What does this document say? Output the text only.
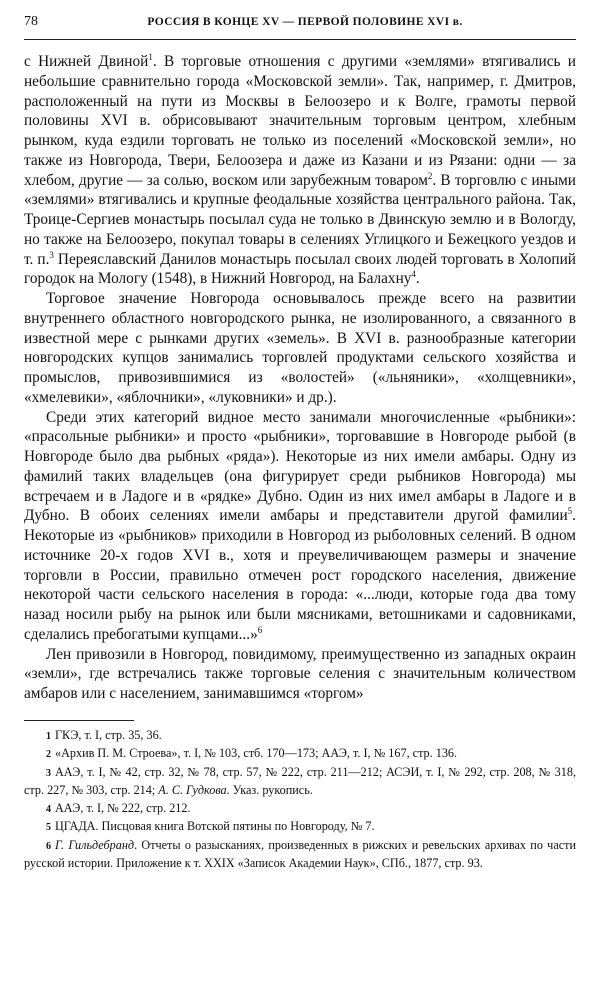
78	РОССИЯ В КОНЦЕ XV — ПЕРВОЙ ПОЛОВИНЕ XVI в.

с Нижней Двиной$^1$. В торговые отношения с другими «землями» втягивались и небольшие сравнительно города «Московской земли». Так, например, г. Дмитров, расположенный на пути из Москвы в Белоозеро и к Волге, грамоты первой половины XVI в. обрисовывают значительным торговым центром, хлебным рынком, куда ездили торговать не только из поселений «Московской земли», но также из Новгорода, Твери, Белоозера и даже из Казани и из Рязани: одни — за хлебом, другие — за солью, воском или зарубежным товаром$^2$. В торговлю с иными «землями» втягивались и крупные феодальные хозяйства центрального района. Так, Троице-Сергиев монастырь посылал суда не только в Двинскую землю и в Вологду, но также на Белоозеро, покупал товары в селениях Углицкого и Бежецкого уездов и т. п.$^3$ Переяславский Данилов монастырь посылал своих людей торговать в Холопий городок на Мологу (1548), в Нижний Новгород, на Балахну$^4$.

Торговое значение Новгорода основывалось прежде всего на развитии внутреннего областного новгородского рынка, не изолированного, а связанного в известной мере с рынками других «земель». В XVI в. разнообразные категории новгородских купцов занимались торговлей продуктами сельского хозяйства и промыслов, привозившимися из «волостей» («льняники», «холщевники», «хмелевики», «яблочники», «луковники» и др.).

Среди этих категорий видное место занимали многочисленные «рыбники»: «прасольные рыбники» и просто «рыбники», торговавшие в Новгороде рыбой (в Новгороде было два рыбных «ряда»). Некоторые из них имели амбары. Одну из фамилий таких владельцев (она фигурирует среди рыбников Новгорода) мы встречаем и в Ладоге и в «рядке» Дубно. Один из них имел амбары в Ладоге и в Дубно. В обоих селениях имели амбары и представители другой фамилии$^5$. Некоторые из «рыбников» приходили в Новгород из рыболовных селений. В одном источнике 20-х годов XVI в., хотя и преувеличивающем размеры и значение торговли в России, правильно отмечен рост городского населения, движение некоторой части сельского населения в города: «...люди, которые года два тому назад носили рыбу на рынок или были мясниками, ветошниками и садовниками, сделались пребогатыми купцами...»$^6$

Лен привозили в Новгород, повидимому, преимущественно из западных окраин «земли», где встречались также торговые селения с значительным количеством амбаров или с населением, занимавшимся «торгом»

1 ГКЭ, т. I, стр. 35, 36.

2 «Архив П. М. Строева», т. I, № 103, стб. 170—173; ААЭ, т. I, № 167, стр. 136.

3 ААЭ, т. I, № 42, стр. 32, № 78, стр. 57, № 222, стр. 211—212; АСЭИ, т. I, № 292, стр. 208, № 318, стр. 227, № 303, стр. 214; А. С. Гудкова. Указ. рукопись.

4 ААЭ, т. I, № 222, стр. 212.

5 ЦГАДА. Писцовая книга Вотской пятины по Новгороду, № 7.

6 Г. Гильдебранд. Отчеты о разысканиях, произведенных в рижских и ревельских архивах по части русской истории. Приложение к т. XXIX «Записок Академии Наук», СПб., 1877, стр. 93.
